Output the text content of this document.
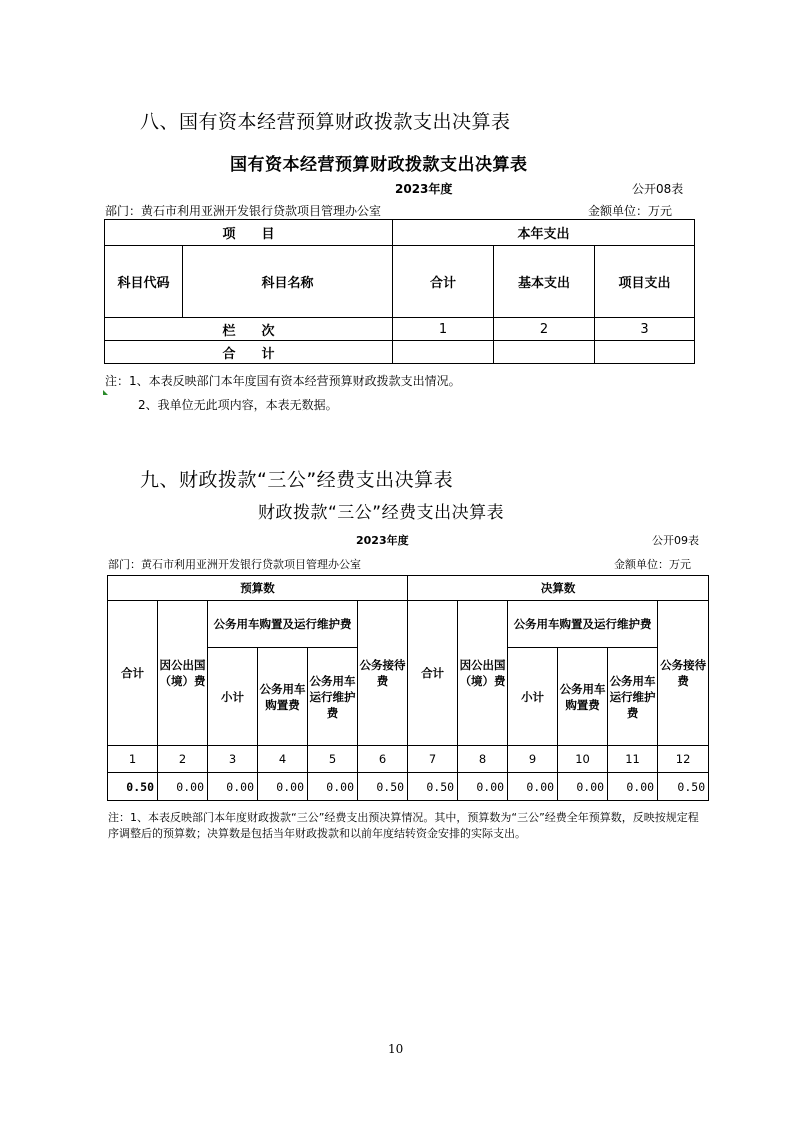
八、国有资本经营预算财政拨款支出决算表
国有资本经营预算财政拨款支出决算表
2023年度	公开08表
部门：黄石市利用亚洲开发银行贷款项目管理办公室	金额单位：万元
项　　目		本年支出		
科目代码	科目名称	合计	基本支出	项目支出
栏　　次		1	2	3
合　　计				
注：1、本表反映部门本年度国有资本经营预算财政拨款支出情况。
2、我单位无此项内容，本表无数据。
九、财政拨款“三公”经费支出决算表
财政拨款“三公”经费支出决算表
2023年度	公开09表
部门：黄石市利用亚洲开发银行贷款项目管理办公室	金额单位：万元
预算数						决算数					
合计	因公出国（境）费	公务用车购置及运行维护费			公务接待费	合计	因公出国（境）费	公务用车购置及运行维护费			公务接待费
		小计	公务用车购置费	公务用车运行维护费				小计	公务用车购置费	公务用车运行维护费	
1	2	3	4	5	6	7	8	9	10	11	12
0.50	0.00	0.00	0.00	0.00	0.50	0.50	0.00	0.00	0.00	0.00	0.50
注：1、本表反映部门本年度财政拨款“三公”经费支出预决算情况。其中，预算数为“三公”经费全年预算数，反映按规定程序调整后的预算数；决算数是包括当年财政拨款和以前年度结转资金安排的实际支出。
10
